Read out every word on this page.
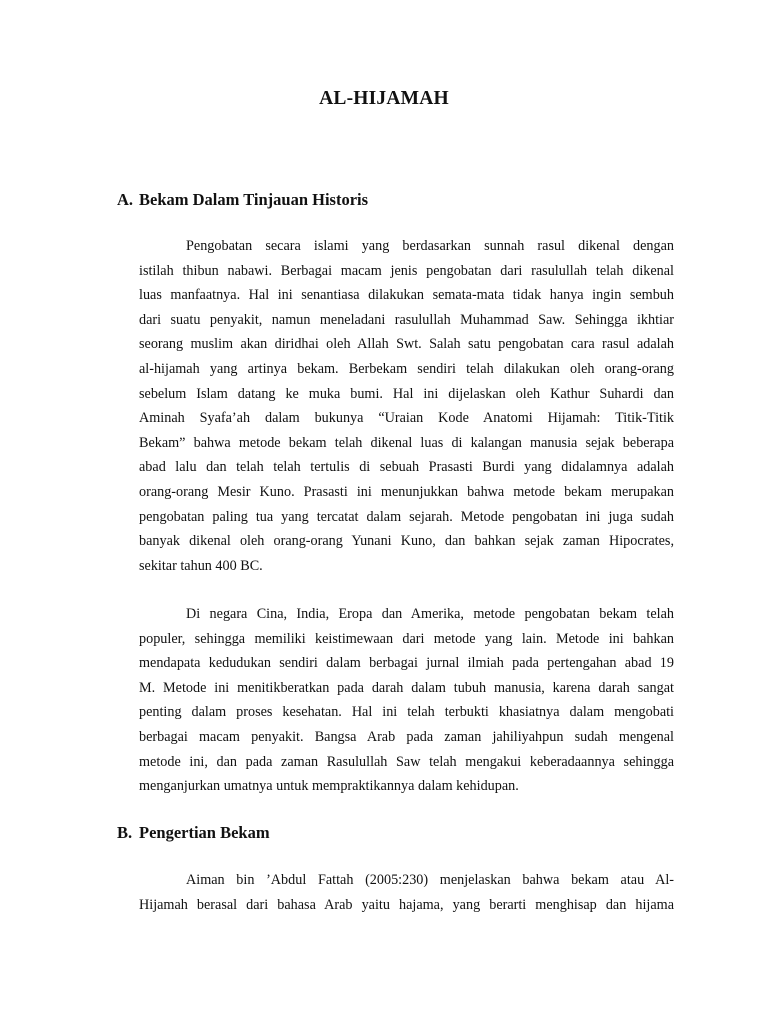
AL-HIJAMAH
A. Bekam Dalam Tinjauan Historis
Pengobatan secara islami yang berdasarkan sunnah rasul dikenal dengan
istilah thibun nabawi. Berbagai macam jenis pengobatan dari rasulullah telah dikenal
luas manfaatnya. Hal ini senantiasa dilakukan semata-mata tidak hanya ingin sembuh
dari suatu penyakit, namun meneladani rasulullah Muhammad Saw. Sehingga ikhtiar
seorang muslim akan diridhai oleh Allah Swt. Salah satu pengobatan cara rasul adalah
al-hijamah yang artinya bekam. Berbekam sendiri telah dilakukan oleh orang-orang
sebelum Islam datang ke muka bumi. Hal ini dijelaskan oleh Kathur Suhardi dan
Aminah Syafa’ah dalam bukunya “Uraian Kode Anatomi Hijamah: Titik-Titik
Bekam” bahwa metode bekam telah dikenal luas di kalangan manusia sejak beberapa
abad lalu dan telah telah tertulis di sebuah Prasasti Burdi yang didalamnya adalah
orang-orang Mesir Kuno. Prasasti ini menunjukkan bahwa metode bekam merupakan
pengobatan paling tua yang tercatat dalam sejarah. Metode pengobatan ini juga sudah
banyak dikenal oleh orang-orang Yunani Kuno, dan bahkan sejak zaman Hipocrates,
sekitar tahun 400 BC.
Di negara Cina, India, Eropa dan Amerika, metode pengobatan bekam telah
populer, sehingga memiliki keistimewaan dari metode yang lain. Metode ini bahkan
mendapata kedudukan sendiri dalam berbagai jurnal ilmiah pada pertengahan abad 19
M. Metode ini menitikberatkan pada darah dalam tubuh manusia, karena darah sangat
penting dalam proses kesehatan. Hal ini telah terbukti khasiatnya dalam mengobati
berbagai macam penyakit. Bangsa Arab pada zaman jahiliyahpun sudah mengenal
metode ini, dan pada zaman Rasulullah Saw telah mengakui keberadaannya sehingga
menganjurkan umatnya untuk mempraktikannya dalam kehidupan.
B. Pengertian Bekam
Aiman bin ’Abdul Fattah (2005:230) menjelaskan bahwa bekam atau Al-
Hijamah berasal dari bahasa Arab yaitu hajama, yang berarti menghisap dan hijama
